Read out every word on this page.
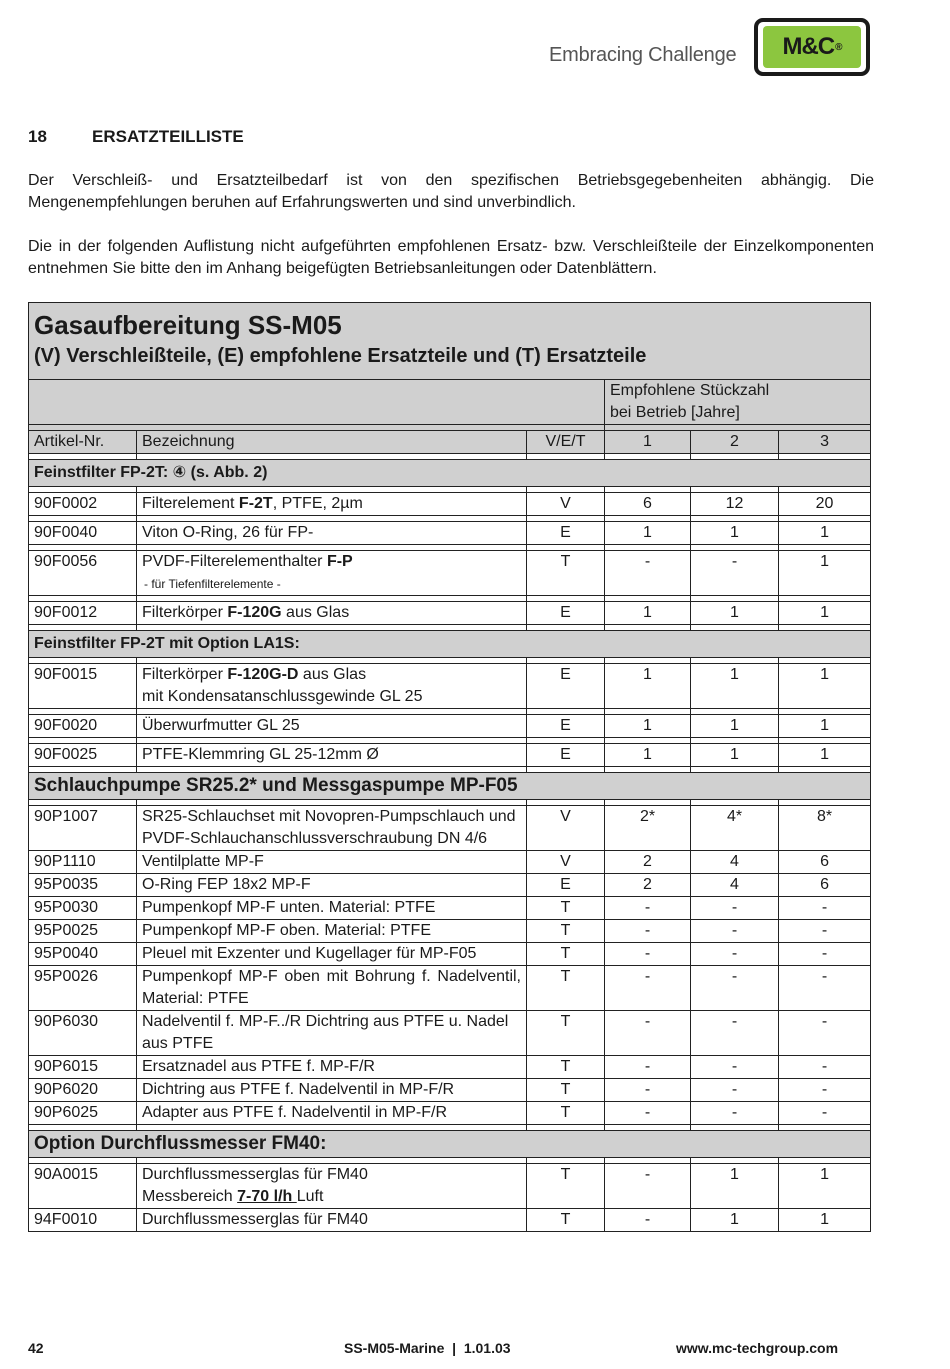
Embracing Challenge M&C ®
18	ERSATZTEILLISTE
Der Verschleiß- und Ersatzteilbedarf ist von den spezifischen Betriebsgegebenheiten abhängig. Die Mengenempfehlungen beruhen auf Erfahrungswerten und sind unverbindlich.
Die in der folgenden Auflistung nicht aufgeführten empfohlenen Ersatz- bzw. Verschleißteile der Einzelkomponenten entnehmen Sie bitte den im Anhang beigefügten Betriebsanleitungen oder Datenblättern.
Gasaufbereitung SS-M05
(V) Verschleißteile, (E) empfohlene Ersatzteile und (T) Ersatzteile					

			Empfohlene Stückzahl
bei Betrieb [Jahre]		

Artikel-Nr.	Bezeichnung	V/E/T	1	2	3

Feinstfilter FP-2T: ④ (s. Abb. 2)					

90F0002	Filterelement F-2T, PTFE, 2µm	V	6	12	20

90F0040	Viton O-Ring, 26 für FP-	E	1	1	1

90F0056	PVDF-Filterelementhalter F-P
- für Tiefenfilterelemente -	T	-	-	1

90F0012	Filterkörper F-120G aus Glas	E	1	1	1

Feinstfilter FP-2T mit Option LA1S:					

90F0015	Filterkörper F-120G-D aus Glas
mit Kondensatanschlussgewinde GL 25	E	1	1	1

90F0020	Überwurfmutter GL 25	E	1	1	1

90F0025	PTFE-Klemmring GL 25-12mm Ø	E	1	1	1

Schlauchpumpe SR25.2* und Messgaspumpe MP-F05					

90P1007	SR25-Schlauchset mit Novopren-Pumpschlauch und PVDF-Schlauchanschlussverschraubung DN 4/6	V	2*	4*	8*
90P1110	Ventilplatte MP-F	V	2	4	6
95P0035	O-Ring FEP 18x2 MP-F	E	2	4	6
95P0030	Pumpenkopf MP-F unten. Material: PTFE	T	-	-	-
95P0025	Pumpenkopf MP-F oben. Material: PTFE	T	-	-	-
95P0040	Pleuel mit Exzenter und Kugellager für MP-F05	T	-	-	-
95P0026	Pumpenkopf MP-F oben mit Bohrung f. Nadelventil, Material: PTFE	T	-	-	-
90P6030	Nadelventil f. MP-F../R Dichtring aus PTFE u. Nadel aus PTFE	T	-	-	-
90P6015	Ersatznadel aus PTFE f. MP-F/R	T	-	-	-
90P6020	Dichtring aus PTFE f. Nadelventil in MP-F/R	T	-	-	-
90P6025	Adapter aus PTFE f. Nadelventil in MP-F/R	T	-	-	-

Option Durchflussmesser FM40:					

90A0015	Durchflussmesserglas für FM40
Messbereich 7-70 l/h Luft	T	-	1	1
94F0010	Durchflussmesserglas für FM40	T	-	1	1
42	SS-M05-Marine  |  1.01.03	www.mc-techgroup.com
